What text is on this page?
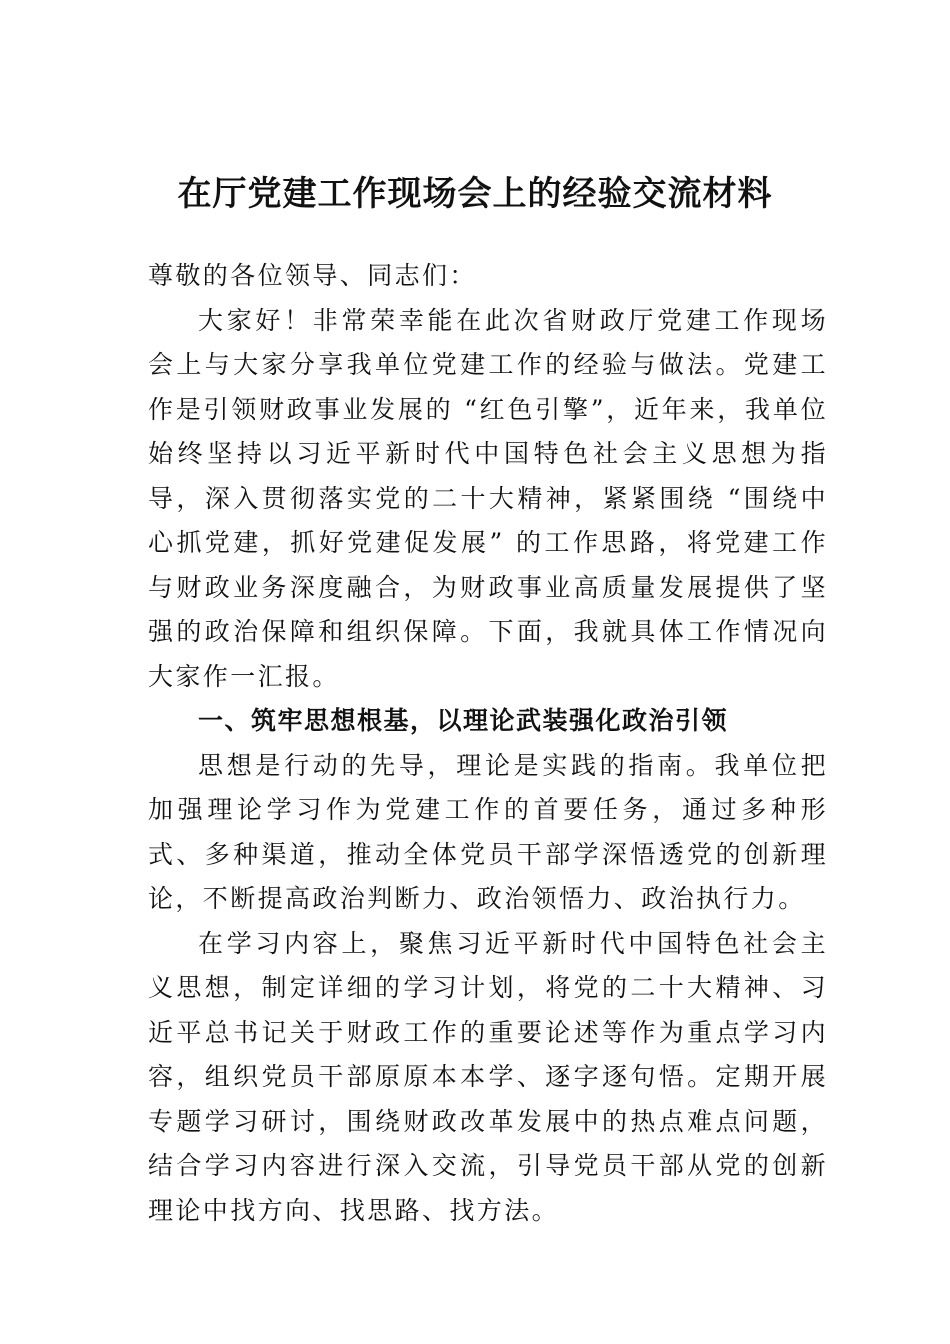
在厅党建工作现场会上的经验交流材料

尊敬的各位领导、同志们：

大家好！非常荣幸能在此次省财政厅党建工作现场会上与大家分享我单位党建工作的经验与做法。党建工作是引领财政事业发展的 “红色引擎”，近年来，我单位始终坚持以习近平新时代中国特色社会主义思想为指导，深入贯彻落实党的二十大精神，紧紧围绕 “围绕中心抓党建，抓好党建促发展” 的工作思路，将党建工作与财政业务深度融合，为财政事业高质量发展提供了坚强的政治保障和组织保障。下面，我就具体工作情况向大家作一汇报。

一、筑牢思想根基，以理论武装强化政治引领

思想是行动的先导，理论是实践的指南。我单位把加强理论学习作为党建工作的首要任务，通过多种形式、多种渠道，推动全体党员干部学深悟透党的创新理论，不断提高政治判断力、政治领悟力、政治执行力。

在学习内容上，聚焦习近平新时代中国特色社会主义思想，制定详细的学习计划，将党的二十大精神、习近平总书记关于财政工作的重要论述等作为重点学习内容，组织党员干部原原本本学、逐字逐句悟。定期开展专题学习研讨，围绕财政改革发展中的热点难点问题，结合学习内容进行深入交流，引导党员干部从党的创新理论中找方向、找思路、找方法。
